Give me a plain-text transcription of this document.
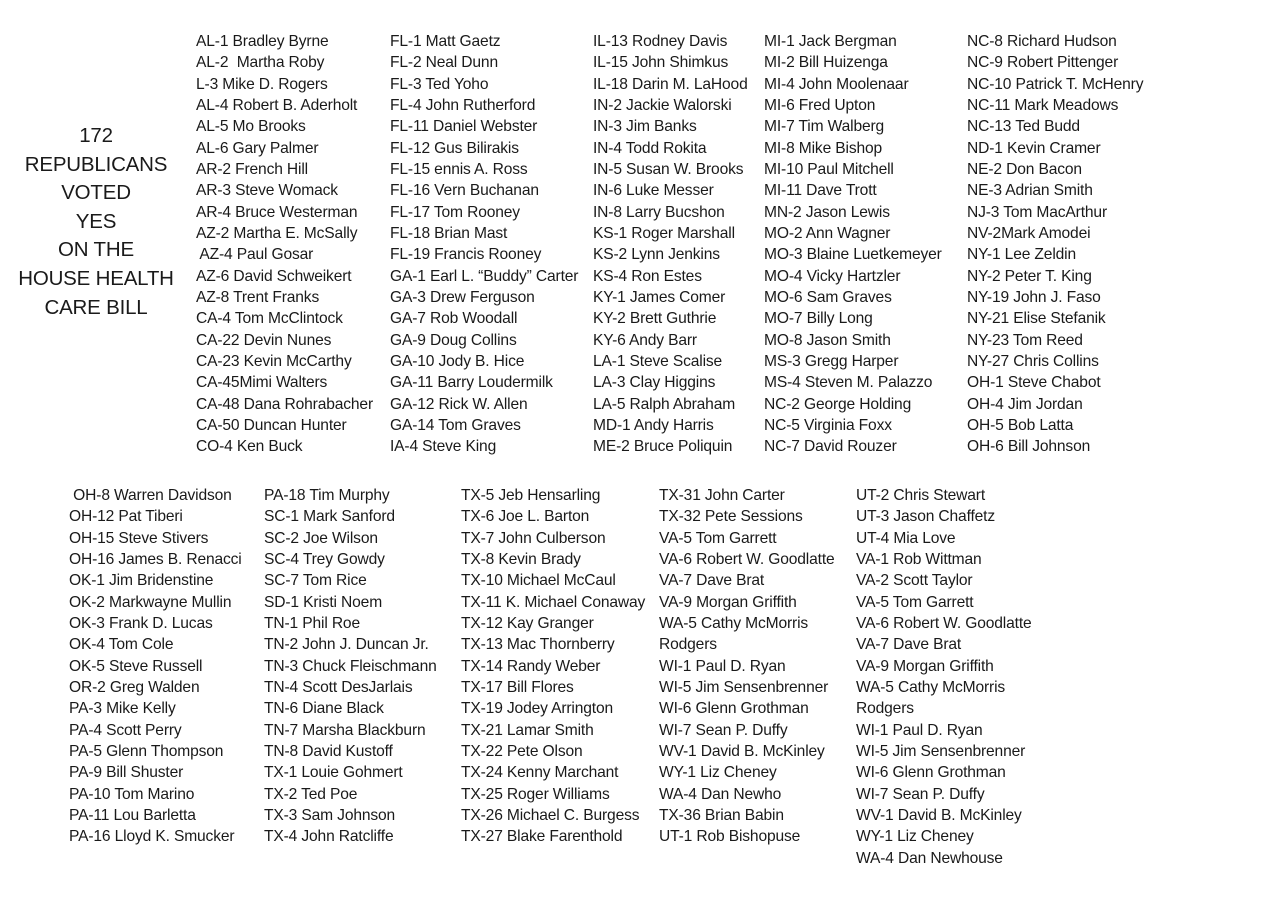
172
REPUBLICANS
VOTED
YES
ON THE
HOUSE HEALTH
CARE BILL
AL-1 Bradley Byrne
AL-2  Martha Roby
L-3 Mike D. Rogers
AL-4 Robert B. Aderholt
AL-5 Mo Brooks
AL-6 Gary Palmer
AR-2 French Hill
AR-3 Steve Womack
AR-4 Bruce Westerman
AZ-2 Martha E. McSally
AZ-4 Paul Gosar
AZ-6 David Schweikert
AZ-8 Trent Franks
CA-4 Tom McClintock
CA-22 Devin Nunes
CA-23 Kevin McCarthy
CA-45Mimi Walters
CA-48 Dana Rohrabacher
CA-50 Duncan Hunter
CO-4 Ken Buck
FL-1 Matt Gaetz
FL-2 Neal Dunn
FL-3 Ted Yoho
FL-4 John Rutherford
FL-11 Daniel Webster
FL-12 Gus Bilirakis
FL-15 ennis A. Ross
FL-16 Vern Buchanan
FL-17 Tom Rooney
FL-18 Brian Mast
FL-19 Francis Rooney
GA-1 Earl L. “Buddy” Carter
GA-3 Drew Ferguson
GA-7 Rob Woodall
GA-9 Doug Collins
GA-10 Jody B. Hice
GA-11 Barry Loudermilk
GA-12 Rick W. Allen
GA-14 Tom Graves
IA-4 Steve King
IL-13 Rodney Davis
IL-15 John Shimkus
IL-18 Darin M. LaHood
IN-2 Jackie Walorski
IN-3 Jim Banks
IN-4 Todd Rokita
IN-5 Susan W. Brooks
IN-6 Luke Messer
IN-8 Larry Bucshon
KS-1 Roger Marshall
KS-2 Lynn Jenkins
KS-4 Ron Estes
KY-1 James Comer
KY-2 Brett Guthrie
KY-6 Andy Barr
LA-1 Steve Scalise
LA-3 Clay Higgins
LA-5 Ralph Abraham
MD-1 Andy Harris
ME-2 Bruce Poliquin
MI-1 Jack Bergman
MI-2 Bill Huizenga
MI-4 John Moolenaar
MI-6 Fred Upton
MI-7 Tim Walberg
MI-8 Mike Bishop
MI-10 Paul Mitchell
MI-11 Dave Trott
MN-2 Jason Lewis
MO-2 Ann Wagner
MO-3 Blaine Luetkemeyer
MO-4 Vicky Hartzler
MO-6 Sam Graves
MO-7 Billy Long
MO-8 Jason Smith
MS-3 Gregg Harper
MS-4 Steven M. Palazzo
NC-2 George Holding
NC-5 Virginia Foxx
NC-7 David Rouzer
NC-8 Richard Hudson
NC-9 Robert Pittenger
NC-10 Patrick T. McHenry
NC-11 Mark Meadows
NC-13 Ted Budd
ND-1 Kevin Cramer
NE-2 Don Bacon
NE-3 Adrian Smith
NJ-3 Tom MacArthur
NV-2Mark Amodei
NY-1 Lee Zeldin
NY-2 Peter T. King
NY-19 John J. Faso
NY-21 Elise Stefanik
NY-23 Tom Reed
NY-27 Chris Collins
OH-1 Steve Chabot
OH-4 Jim Jordan
OH-5 Bob Latta
OH-6 Bill Johnson
OH-8 Warren Davidson
OH-12 Pat Tiberi
OH-15 Steve Stivers
OH-16 James B. Renacci
OK-1 Jim Bridenstine
OK-2 Markwayne Mullin
OK-3 Frank D. Lucas
OK-4 Tom Cole
OK-5 Steve Russell
OR-2 Greg Walden
PA-3 Mike Kelly
PA-4 Scott Perry
PA-5 Glenn Thompson
PA-9 Bill Shuster
PA-10 Tom Marino
PA-11 Lou Barletta
PA-16 Lloyd K. Smucker
PA-18 Tim Murphy
SC-1 Mark Sanford
SC-2 Joe Wilson
SC-4 Trey Gowdy
SC-7 Tom Rice
SD-1 Kristi Noem
TN-1 Phil Roe
TN-2 John J. Duncan Jr.
TN-3 Chuck Fleischmann
TN-4 Scott DesJarlais
TN-6 Diane Black
TN-7 Marsha Blackburn
TN-8 David Kustoff
TX-1 Louie Gohmert
TX-2 Ted Poe
TX-3 Sam Johnson
TX-4 John Ratcliffe
TX-5 Jeb Hensarling
TX-6 Joe L. Barton
TX-7 John Culberson
TX-8 Kevin Brady
TX-10 Michael McCaul
TX-11 K. Michael Conaway
TX-12 Kay Granger
TX-13 Mac Thornberry
TX-14 Randy Weber
TX-17 Bill Flores
TX-19 Jodey Arrington
TX-21 Lamar Smith
TX-22 Pete Olson
TX-24 Kenny Marchant
TX-25 Roger Williams
TX-26 Michael C. Burgess
TX-27 Blake Farenthold
TX-31 John Carter
TX-32 Pete Sessions
VA-5 Tom Garrett
VA-6 Robert W. Goodlatte
VA-7 Dave Brat
VA-9 Morgan Griffith
WA-5 Cathy McMorris
Rodgers
WI-1 Paul D. Ryan
WI-5 Jim Sensenbrenner
WI-6 Glenn Grothman
WI-7 Sean P. Duffy
WV-1 David B. McKinley
WY-1 Liz Cheney
WA-4 Dan Newho
TX-36 Brian Babin
UT-1 Rob Bishopuse
UT-2 Chris Stewart
UT-3 Jason Chaffetz
UT-4 Mia Love
VA-1 Rob Wittman
VA-2 Scott Taylor
VA-5 Tom Garrett
VA-6 Robert W. Goodlatte
VA-7 Dave Brat
VA-9 Morgan Griffith
WA-5 Cathy McMorris
Rodgers
WI-1 Paul D. Ryan
WI-5 Jim Sensenbrenner
WI-6 Glenn Grothman
WI-7 Sean P. Duffy
WV-1 David B. McKinley
WY-1 Liz Cheney
WA-4 Dan Newhouse
